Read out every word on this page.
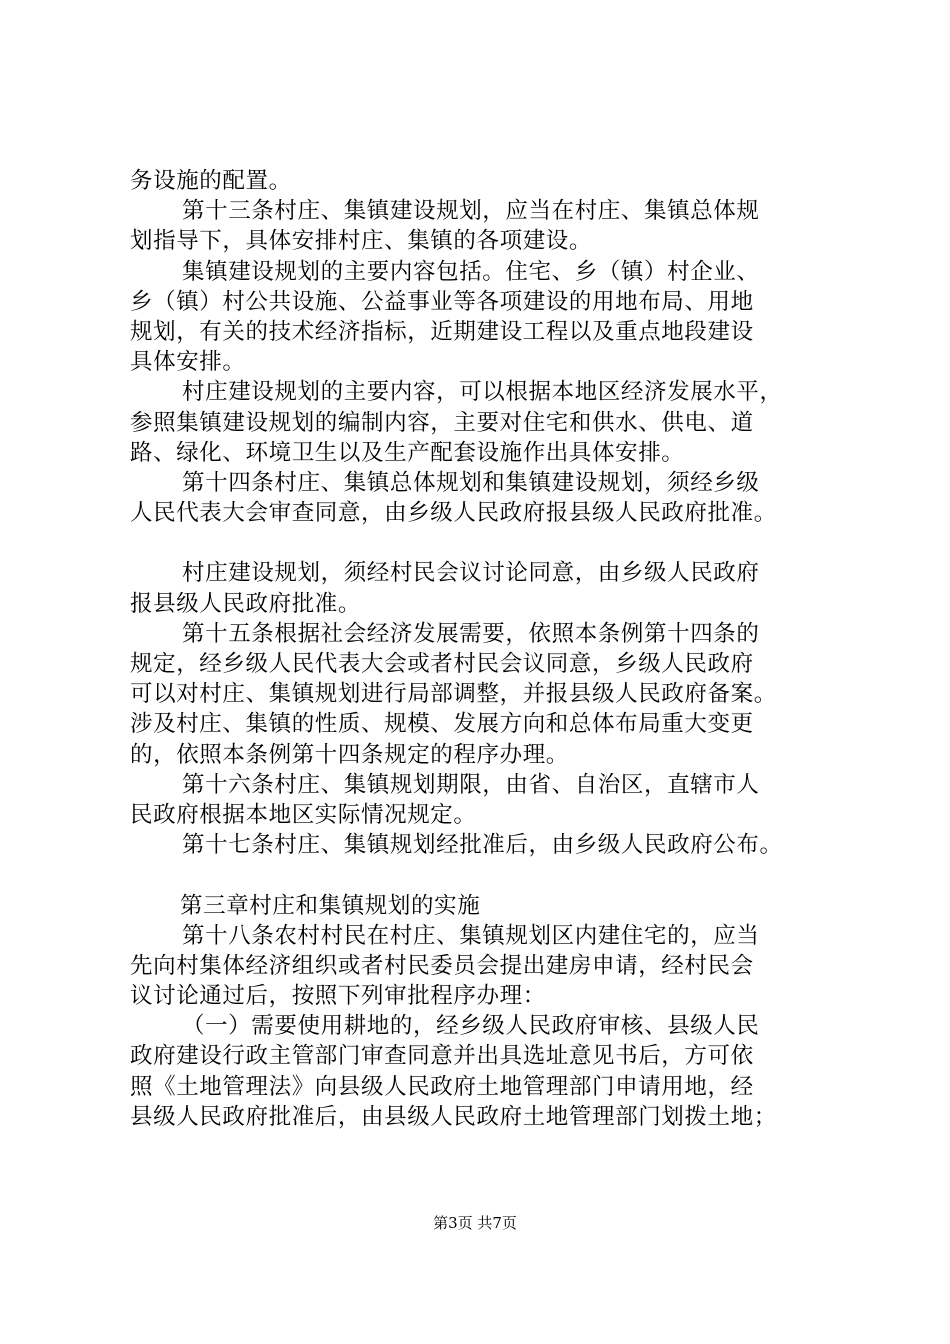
务设施的配置。
第十三条村庄、集镇建设规划，应当在村庄、集镇总体规
划指导下，具体安排村庄、集镇的各项建设。
集镇建设规划的主要内容包括。住宅、乡（镇）村企业、
乡（镇）村公共设施、公益事业等各项建设的用地布局、用地
规划，有关的技术经济指标，近期建设工程以及重点地段建设
具体安排。
村庄建设规划的主要内容，可以根据本地区经济发展水平，
参照集镇建设规划的编制内容，主要对住宅和供水、供电、道
路、绿化、环境卫生以及生产配套设施作出具体安排。
第十四条村庄、集镇总体规划和集镇建设规划，须经乡级
人民代表大会审查同意，由乡级人民政府报县级人民政府批准。
村庄建设规划，须经村民会议讨论同意，由乡级人民政府
报县级人民政府批准。
第十五条根据社会经济发展需要，依照本条例第十四条的
规定，经乡级人民代表大会或者村民会议同意，乡级人民政府
可以对村庄、集镇规划进行局部调整，并报县级人民政府备案。
涉及村庄、集镇的性质、规模、发展方向和总体布局重大变更
的，依照本条例第十四条规定的程序办理。
第十六条村庄、集镇规划期限，由省、自治区，直辖市人
民政府根据本地区实际情况规定。
第十七条村庄、集镇规划经批准后，由乡级人民政府公布。
第三章村庄和集镇规划的实施
第十八条农村村民在村庄、集镇规划区内建住宅的，应当
先向村集体经济组织或者村民委员会提出建房申请，经村民会
议讨论通过后，按照下列审批程序办理：
（一）需要使用耕地的，经乡级人民政府审核、县级人民
政府建设行政主管部门审查同意并出具选址意见书后，方可依
照《土地管理法》向县级人民政府土地管理部门申请用地，经
县级人民政府批准后，由县级人民政府土地管理部门划拨土地；
第3页 共7页
